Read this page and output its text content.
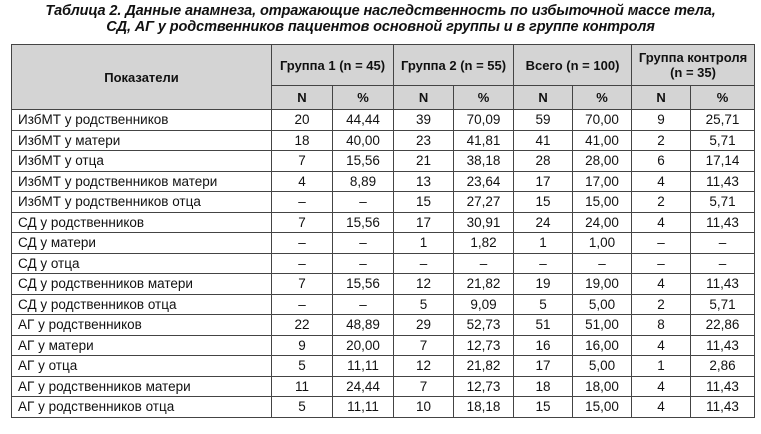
Таблица 2. Данные анамнеза, отражающие наследственность по избыточной массе тела,
СД, АГ у родственников пациентов основной группы и в группе контроля
Показатели	Группа 1 (n = 45)		Группа 2 (n = 55)		Всего (n = 100)		Группа контроля (n = 35)	
	N	%	N	%	N	%	N	%
ИзбМТ у родственников	20	44,44	39	70,09	59	70,00	9	25,71
ИзбМТ у матери	18	40,00	23	41,81	41	41,00	2	5,71
ИзбМТ у отца	7	15,56	21	38,18	28	28,00	6	17,14
ИзбМТ у родственников матери	4	8,89	13	23,64	17	17,00	4	11,43
ИзбМТ у родственников отца	–	–	15	27,27	15	15,00	2	5,71
СД у родственников	7	15,56	17	30,91	24	24,00	4	11,43
СД у матери	–	–	1	1,82	1	1,00	–	–
СД у отца	–	–	–	–	–	–	–	–
СД у родственников матери	7	15,56	12	21,82	19	19,00	4	11,43
СД у родственников отца	–	–	5	9,09	5	5,00	2	5,71
АГ у родственников	22	48,89	29	52,73	51	51,00	8	22,86
АГ у матери	9	20,00	7	12,73	16	16,00	4	11,43
АГ у отца	5	11,11	12	21,82	17	5,00	1	2,86
АГ у родственников матери	11	24,44	7	12,73	18	18,00	4	11,43
АГ у родственников отца	5	11,11	10	18,18	15	15,00	4	11,43
